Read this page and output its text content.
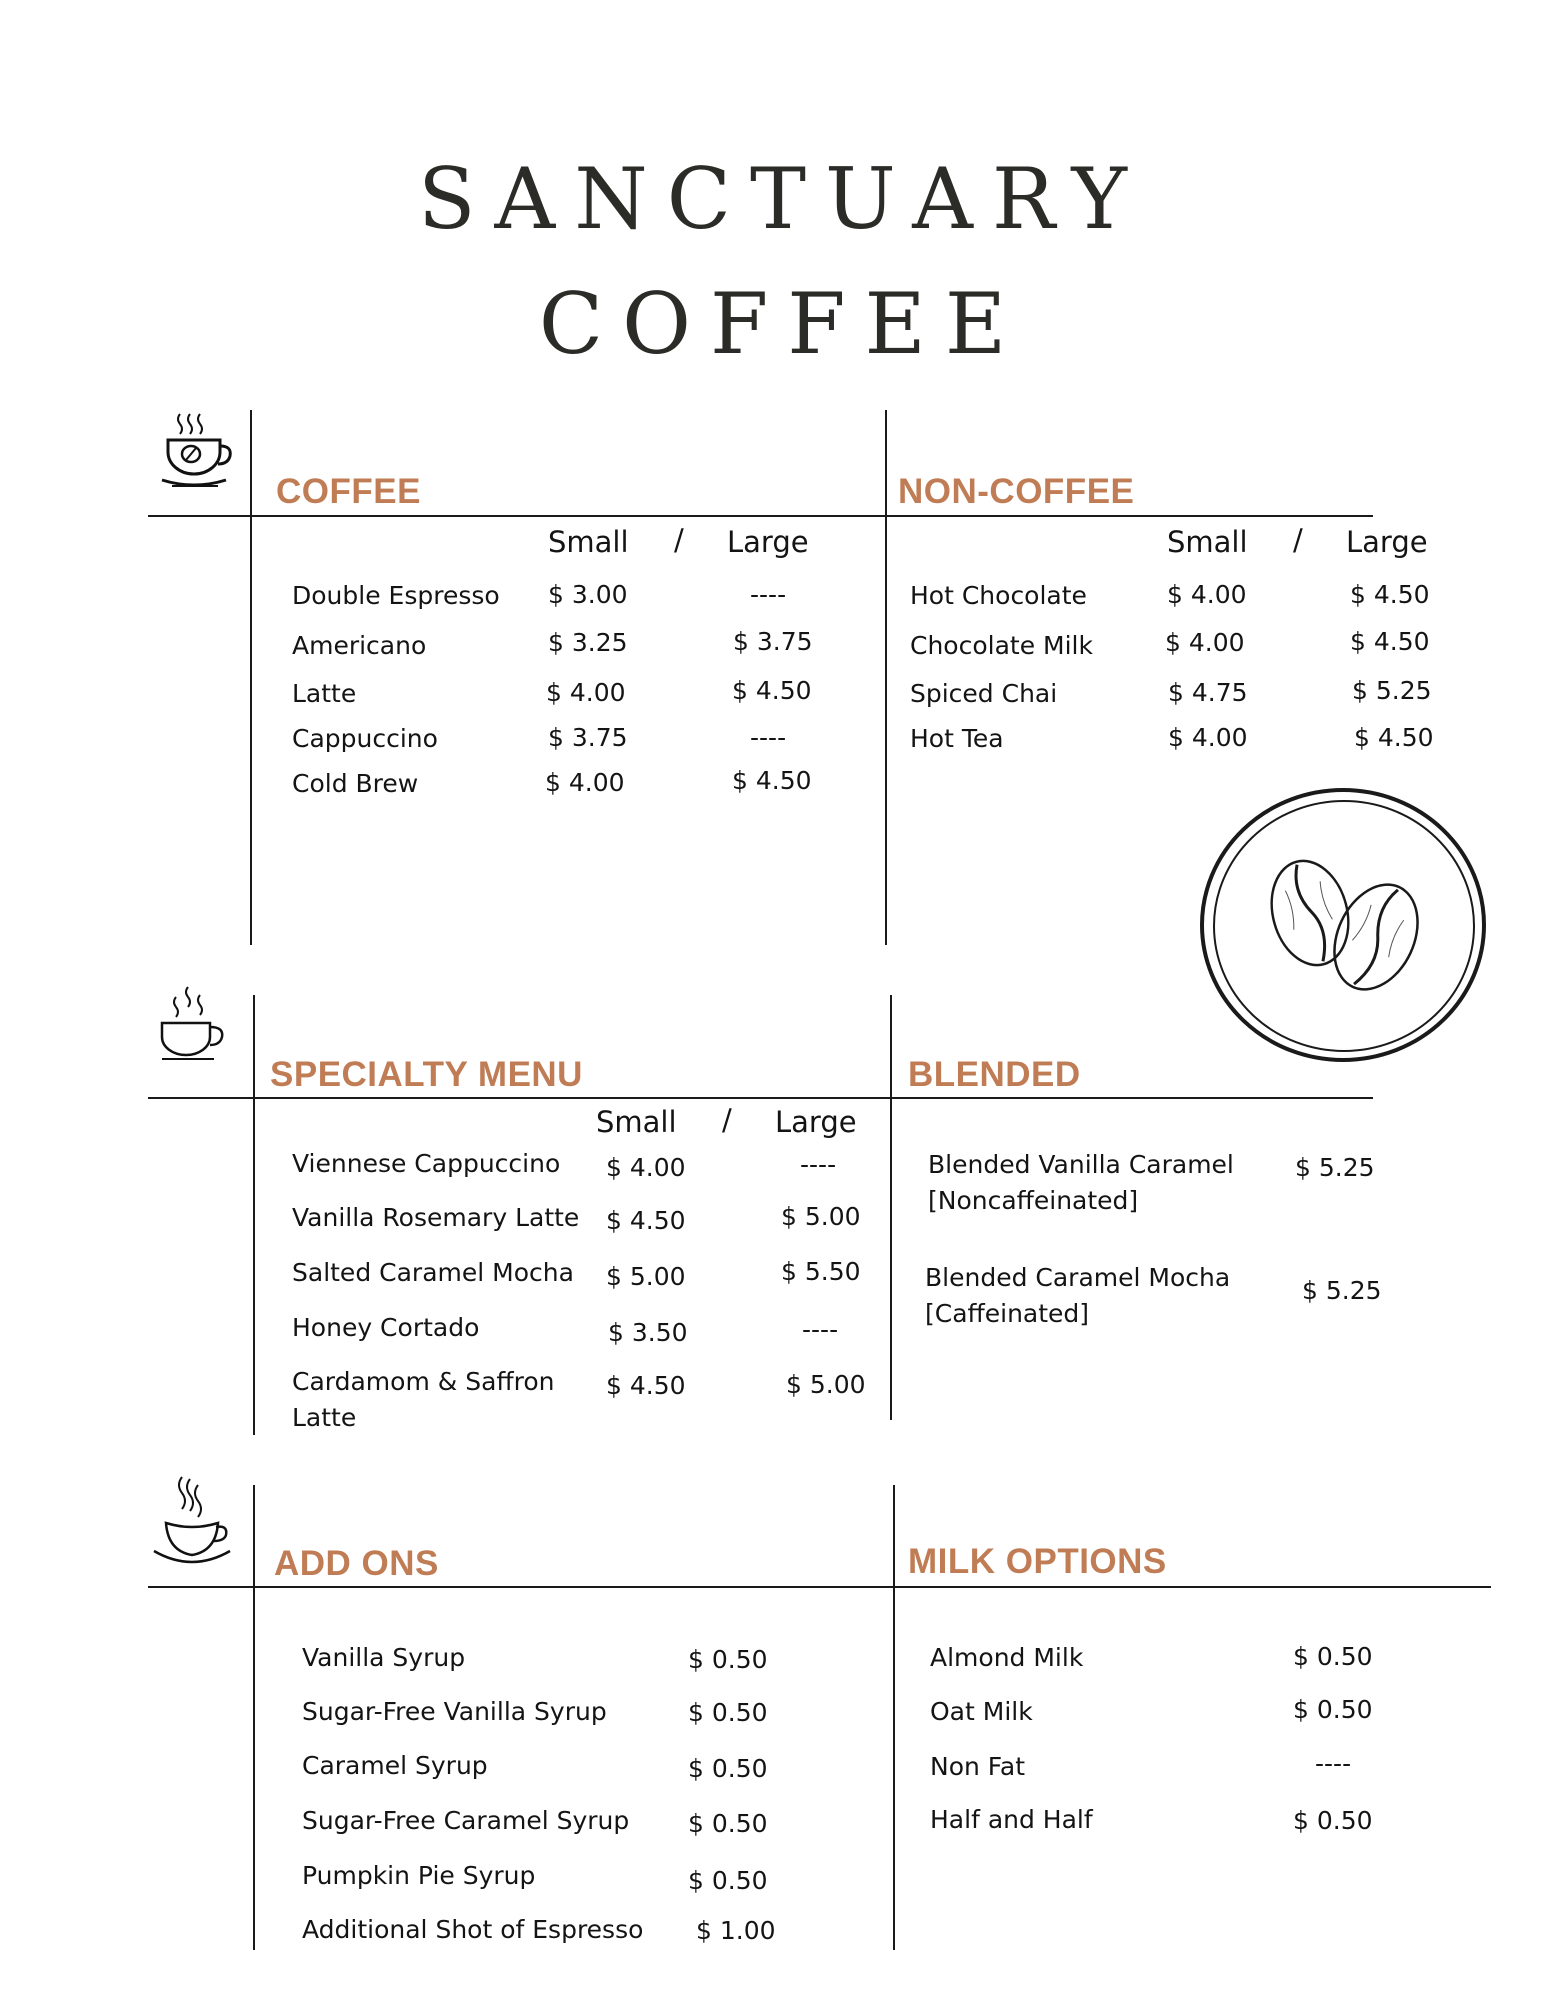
SANCTUARY
COFFEE
COFFEE	NON-COFFEE
Small / Large
Double Espresso $ 3.00	----
Americano	$ 3.25	$ 3.75
Latte	$ 4.00	$ 4.50
Cappuccino	$ 3.75	----
Cold Brew	$ 4.00	$ 4.50
Small / Large
Hot Chocolate	$ 4.00	$ 4.50
Chocolate Milk	$ 4.00	$ 4.50
Spiced Chai	$ 4.75	$ 5.25
Hot Tea	$ 4.00	$ 4.50
SPECIALTY MENU	BLENDED
Small / Large
Viennese Cappuccino $ 4.00	----
Vanilla Rosemary Latte $ 4.50	$ 5.00
Salted Caramel Mocha $ 5.00	$ 5.50
Honey Cortado	$ 3.50	----
Cardamom & Saffron
Latte
$ 4.50	$ 5.00
Blended Vanilla Caramel
[Noncaffeinated]
$ 5.25
Blended Caramel Mocha
[Caffeinated]
$ 5.25
ADD ONS	MILK OPTIONS
Vanilla Syrup	$ 0.50
Sugar-Free Vanilla Syrup	$ 0.50
Caramel Syrup	$ 0.50
Sugar-Free Caramel Syrup $ 0.50
Pumpkin Pie Syrup	$ 0.50
Additional Shot of Espresso $ 1.00
Almond Milk	$ 0.50
Oat Milk	$ 0.50
Non Fat	----
Half and Half	$ 0.50
